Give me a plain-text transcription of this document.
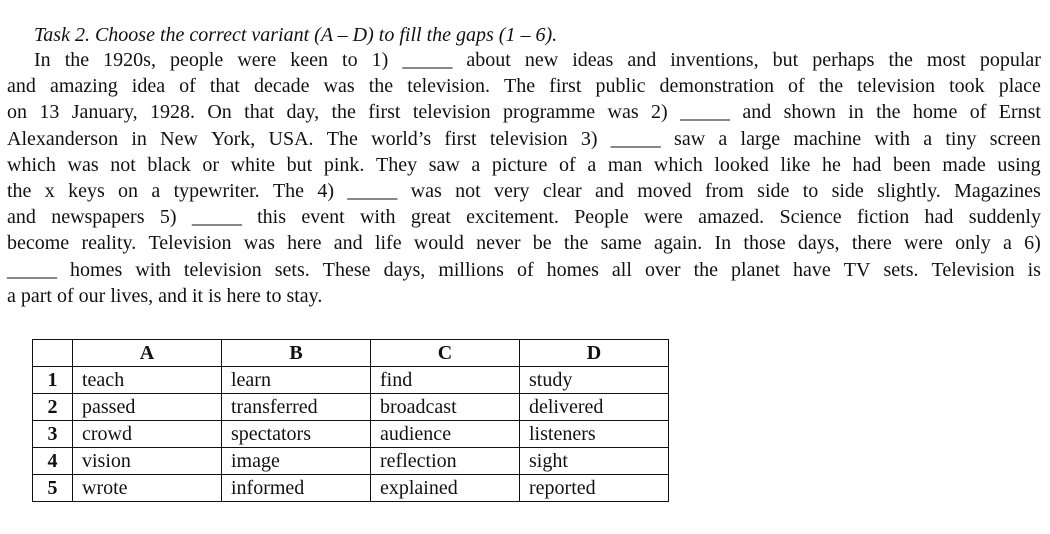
Task 2. Choose the correct variant (A – D) to fill the gaps (1 – 6).
In the 1920s, people were keen to 1) _____ about new ideas and inventions, but perhaps the most popular
and amazing idea of that decade was the television. The first public demonstration of the television took place
on 13 January, 1928. On that day, the first television programme was 2) _____ and shown in the home of Ernst
Alexanderson in New York, USA. The world’s first television 3) _____ saw a large machine with a tiny screen
which was not black or white but pink. They saw a picture of a man which looked like he had been made using
the x keys on a typewriter. The 4) _____ was not very clear and moved from side to side slightly. Magazines
and newspapers 5) _____ this event with great excitement. People were amazed. Science fiction had suddenly
become reality. Television was here and life would never be the same again. In those days, there were only a 6)
_____ homes with television sets. These days, millions of homes all over the planet have TV sets. Television is
a part of our lives, and it is here to stay.
	A	B	C	D
1	teach	learn	find	study
2	passed	transferred	broadcast	delivered
3	crowd	spectators	audience	listeners
4	vision	image	reflection	sight
5	wrote	informed	explained	reported
